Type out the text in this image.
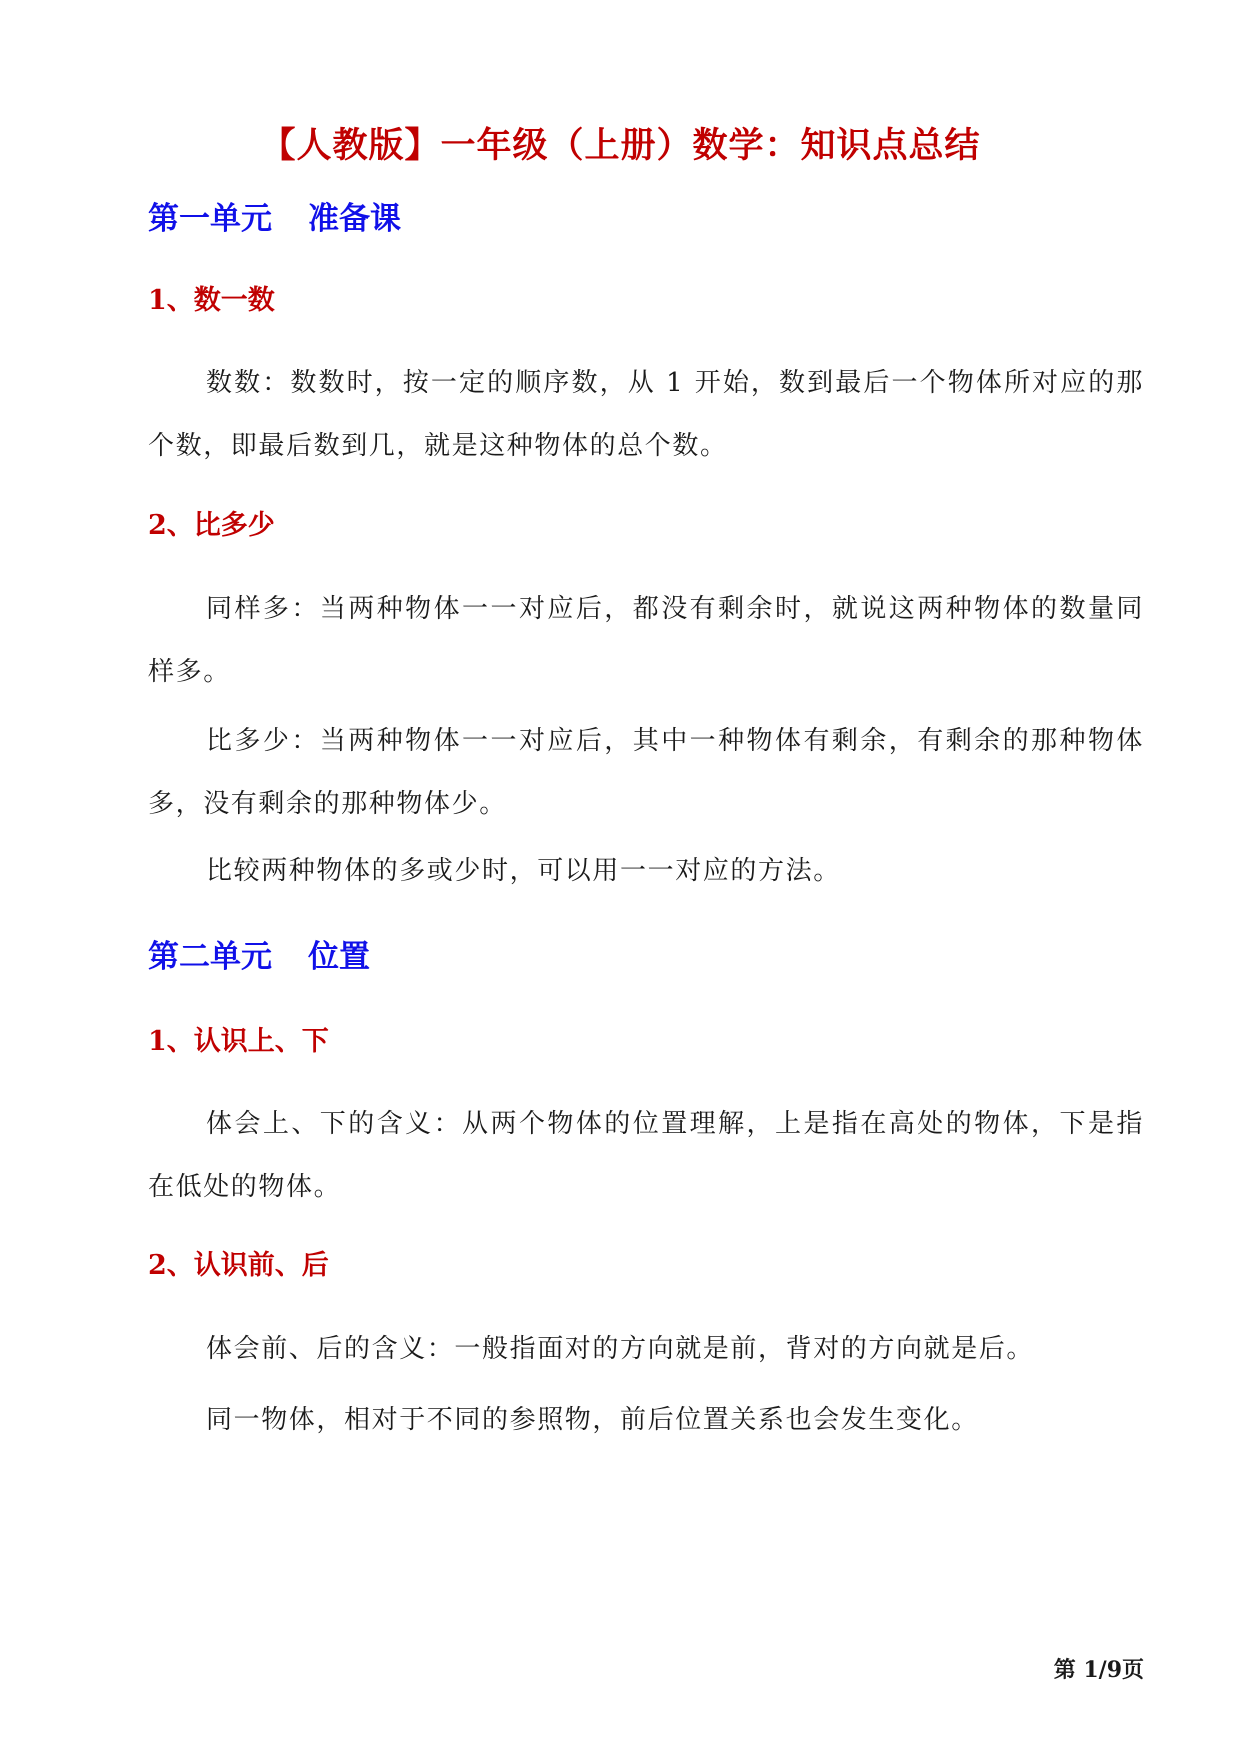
【人教版】一年级（上册）数学：知识点总结
第一单元 准备课
1、数一数

数数：数数时，按一定的顺序数，从 1 开始，数到最后一个物体所对应的那个数，即最后数到几，就是这种物体的总个数。

2、比多少

同样多：当两种物体一一对应后，都没有剩余时，就说这两种物体的数量同样多。

比多少：当两种物体一一对应后，其中一种物体有剩余，有剩余的那种物体多，没有剩余的那种物体少。

比较两种物体的多或少时，可以用一一对应的方法。

第二单元 位置
1、认识上、下

体会上、下的含义：从两个物体的位置理解，上是指在高处的物体，下是指在低处的物体。

2、认识前、后

体会前、后的含义：一般指面对的方向就是前，背对的方向就是后。

同一物体，相对于不同的参照物，前后位置关系也会发生变化。

第 1/9页
